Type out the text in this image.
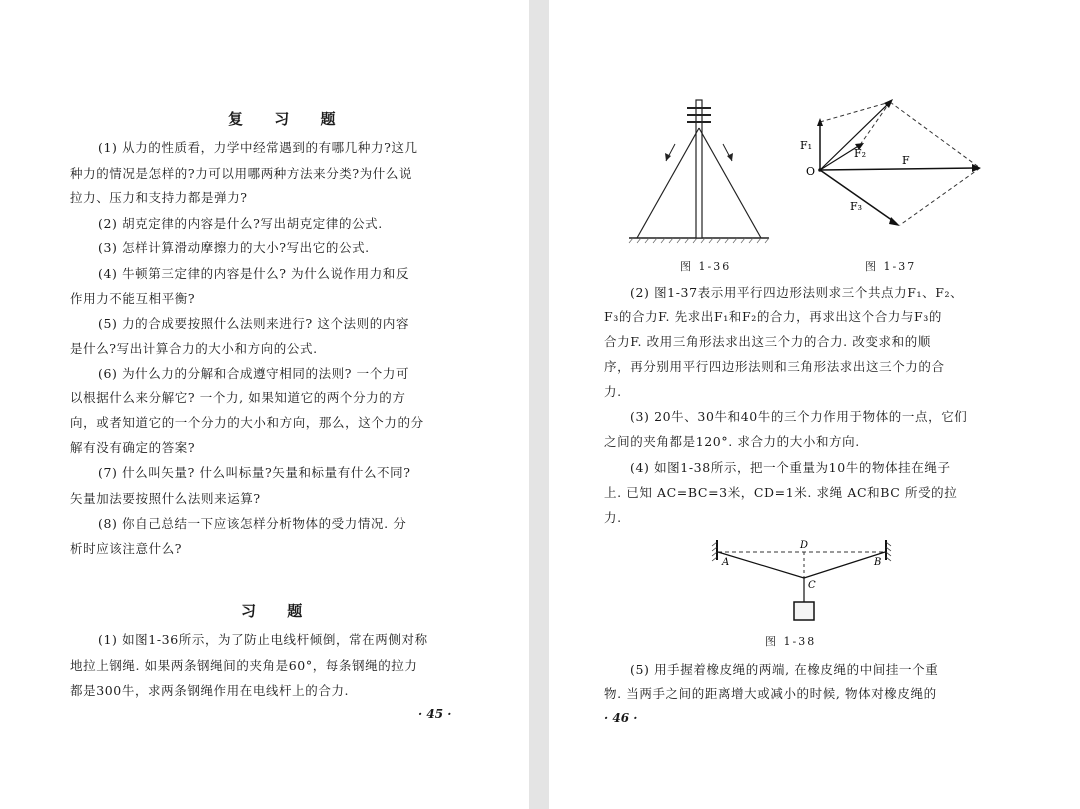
复 习 题
(1) 从力的性质看，力学中经常遇到的有哪几种力?这几
种力的情况是怎样的?力可以用哪两种方法来分类?为什么说
拉力、压力和支持力都是弹力?
(2) 胡克定律的内容是什么?写出胡克定律的公式.
(3) 怎样计算滑动摩擦力的大小?写出它的公式.
(4) 牛顿第三定律的内容是什么? 为什么说作用力和反
作用力不能互相平衡?
(5) 力的合成要按照什么法则来进行? 这个法则的内容
是什么?写出计算合力的大小和方向的公式.
(6) 为什么力的分解和合成遵守相同的法则? 一个力可
以根据什么来分解它? 一个力, 如果知道它的两个分力的方
向，或者知道它的一个分力的大小和方向，那么，这个力的分
解有没有确定的答案?
(7) 什么叫矢量? 什么叫标量?矢量和标量有什么不同?
矢量加法要按照什么法则来运算?
(8) 你自己总结一下应该怎样分析物体的受力情况. 分
析时应该注意什么?
习 题
(1) 如图1-36所示，为了防止电线杆倾倒，常在两侧对称
地拉上钢绳. 如果两条钢绳间的夹角是60°，每条钢绳的拉力
都是300牛，求两条钢绳作用在电线杆上的合力.
· 45 ·
图 1-36
F₁
F₂
F
F₃
O
图 1-37
(2) 图1-37表示用平行四边形法则求三个共点力F₁、F₂、
F₃的合力F. 先求出F₁和F₂的合力，再求出这个合力与F₃的
合力F. 改用三角形法求出这三个力的合力. 改变求和的顺
序，再分别用平行四边形法则和三角形法求出这三个力的合
力.
(3) 20牛、30牛和40牛的三个力作用于物体的一点，它们
之间的夹角都是120°. 求合力的大小和方向.
(4) 如图1-38所示，把一个重量为10牛的物体挂在绳子
上. 已知 AC=BC=3米，CD=1米. 求绳 AC和BC 所受的拉
力.
A	B
C
D
图 1-38
(5) 用手握着橡皮绳的两端, 在橡皮绳的中间挂一个重
物. 当两手之间的距离增大或减小的时候, 物体对橡皮绳的
· 46 ·
